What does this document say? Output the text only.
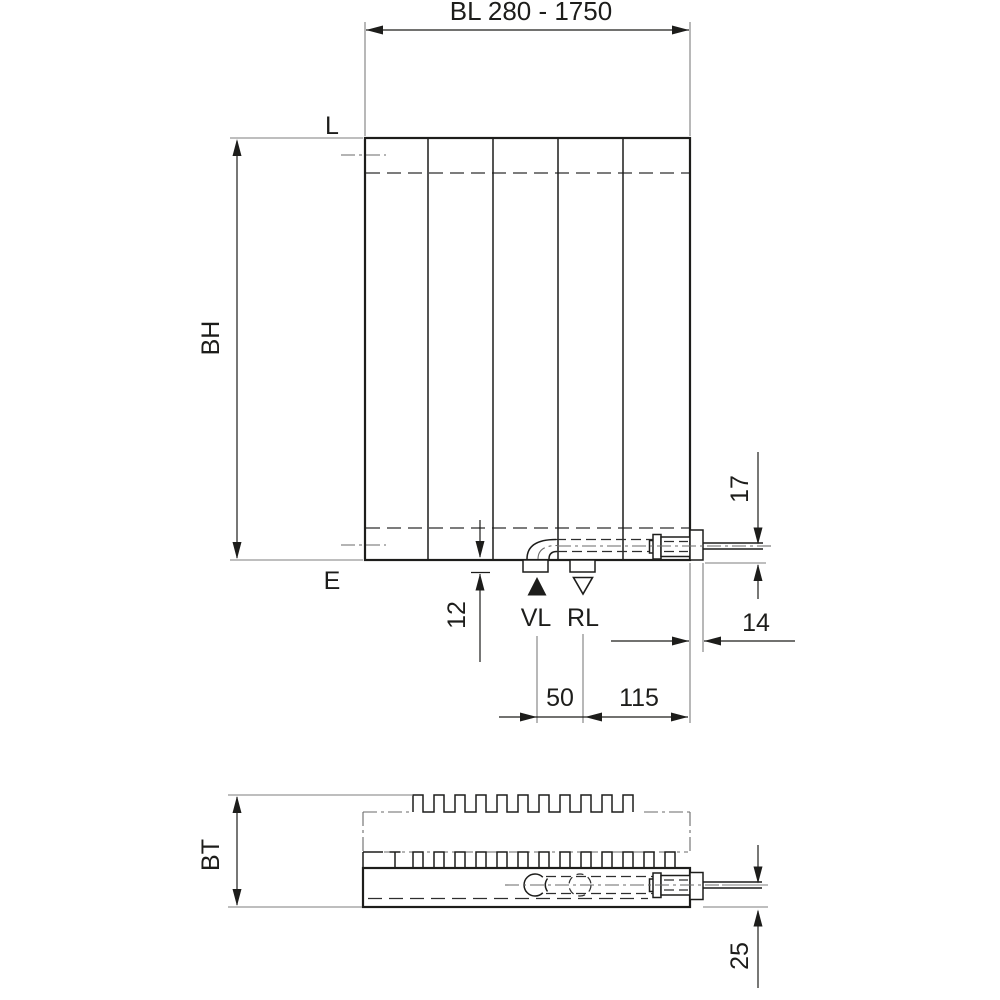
BL 280 - 1750
L
E
BH
12 VL RL
50 115
14
17
BT
25
